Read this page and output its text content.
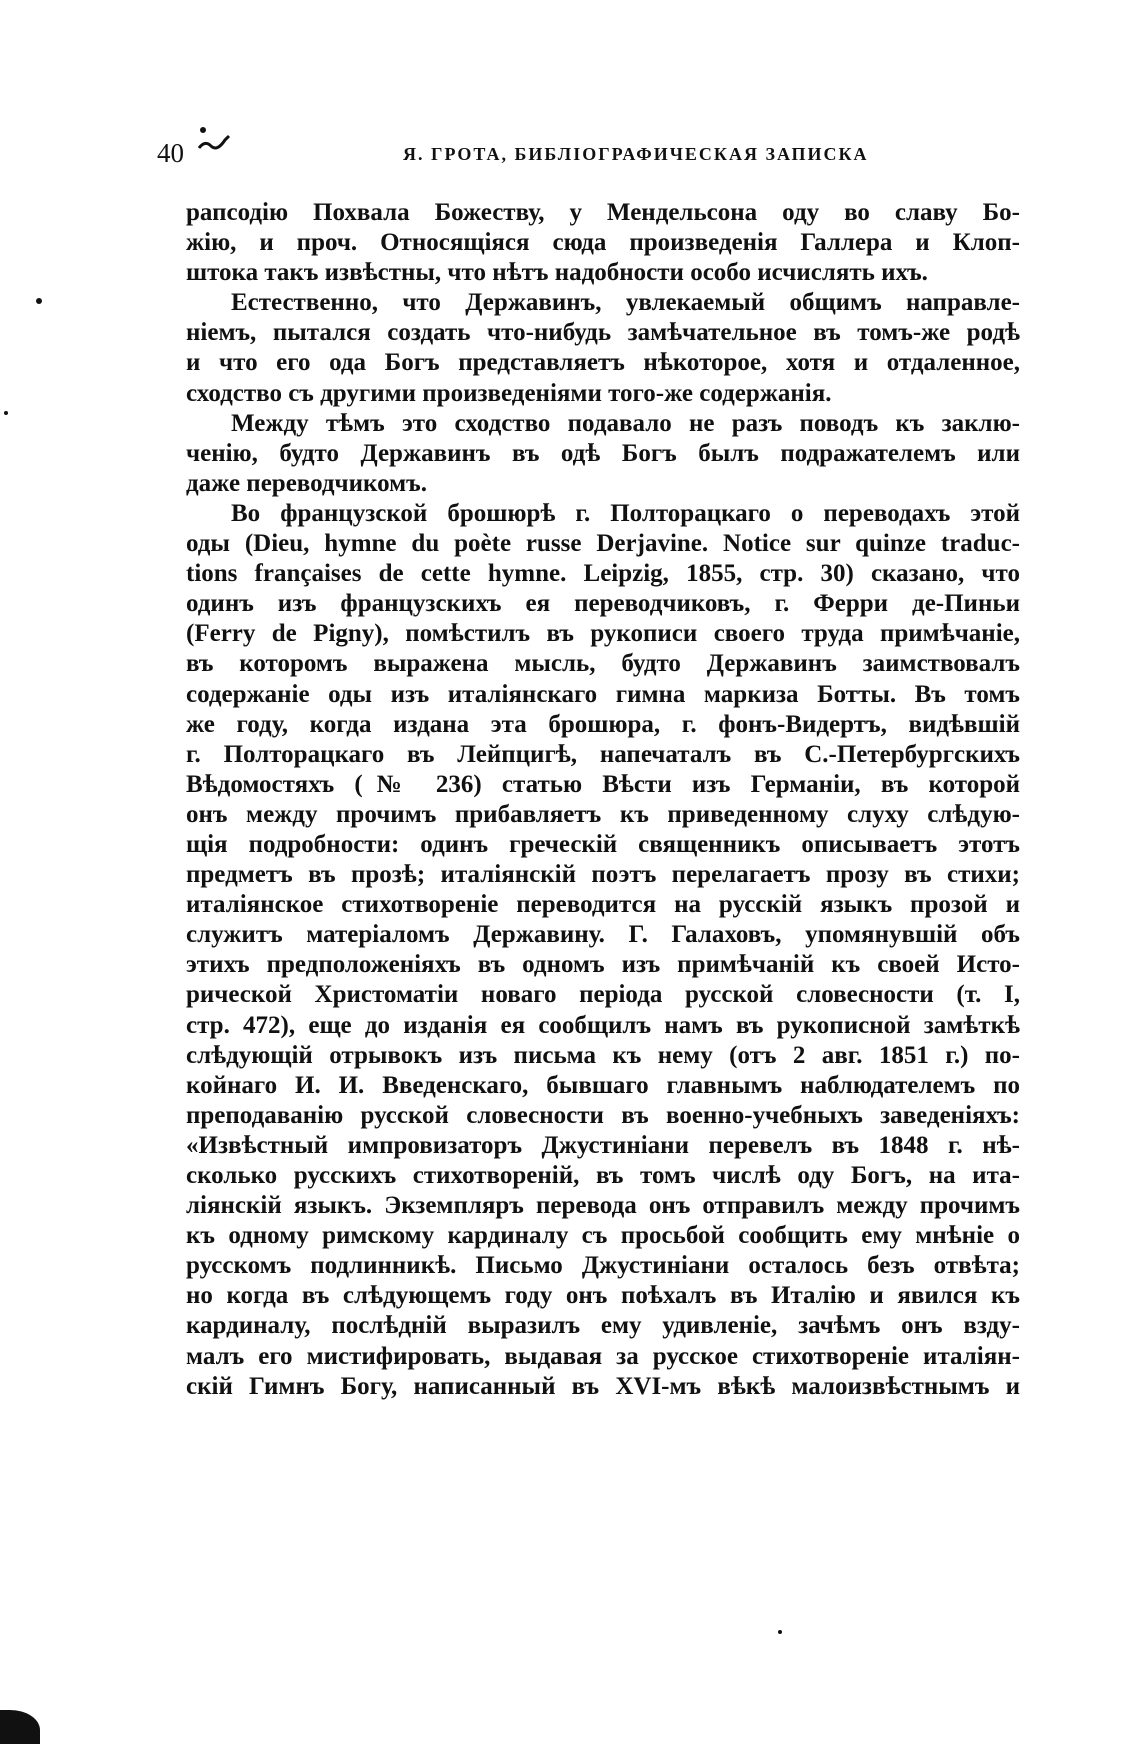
40	Я. ГРОТА, БИБЛІОГРАФИЧЕСКАЯ ЗАПИСКА
рапсодію Похвала Божеству, у Мендельсона оду во славу Бо-
жію, и проч. Относящіяся сюда произведенія Галлера и Клоп-
штока такъ извѣстны, что нѣтъ надобности особо исчислять ихъ.
Естественно, что Державинъ, увлекаемый общимъ направле-
ніемъ, пытался создать что-нибудь замѣчательное въ томъ-же родѣ
и что его ода Богъ представляетъ нѣкоторое, хотя и отдаленное,
сходство съ другими произведеніями того-же содержанія.
Между тѣмъ это сходство подавало не разъ поводъ къ заклю-
ченію, будто Державинъ въ одѣ Богъ былъ подражателемъ или
даже переводчикомъ.
Во французской брошюрѣ г. Полторацкаго о переводахъ этой
оды (Dieu, hymne du poète russe Derjavine. Notice sur quinze traduc-
tions françaises de cette hymne. Leipzig, 1855, стр. 30) сказано, что
одинъ изъ французскихъ ея переводчиковъ, г. Ферри де-Пиньи
(Ferry de Pigny), помѣстилъ въ рукописи своего труда примѣчаніе,
въ которомъ выражена мысль, будто Державинъ заимствовалъ
содержаніе оды изъ италіянскаго гимна маркиза Ботты. Въ томъ
же году, когда издана эта брошюра, г. фонъ-Видертъ, видѣвшій
г. Полторацкаго въ Лейпцигѣ, напечаталъ въ С.-Петербургскихъ
Вѣдомостяхъ (№ 236) статью Вѣсти изъ Германіи, въ которой
онъ между прочимъ прибавляетъ къ приведенному слуху слѣдую-
щія подробности: одинъ греческій священникъ описываетъ этотъ
предметъ въ прозѣ; италіянскій поэтъ перелагаетъ прозу въ стихи;
италіянское стихотвореніе переводится на русскій языкъ прозой и
служитъ матеріаломъ Державину. Г. Галаховъ, упомянувшій объ
этихъ предположеніяхъ въ одномъ изъ примѣчаній къ своей Исто-
рической Христоматіи новаго періода русской словесности (т. I,
стр. 472), еще до изданія ея сообщилъ намъ въ рукописной замѣткѣ
слѣдующій отрывокъ изъ письма къ нему (отъ 2 авг. 1851 г.) по-
койнаго И. И. Введенскаго, бывшаго главнымъ наблюдателемъ по
преподаванію русской словесности въ военно-учебныхъ заведеніяхъ:
«Извѣстный импровизаторъ Джустиніани перевелъ въ 1848 г. нѣ-
сколько русскихъ стихотвореній, въ томъ числѣ оду Богъ, на ита-
ліянскій языкъ. Экземпляръ перевода онъ отправилъ между прочимъ
къ одному римскому кардиналу съ просьбой сообщить ему мнѣніе о
русскомъ подлинникѣ. Письмо Джустиніани осталось безъ отвѣта;
но когда въ слѣдующемъ году онъ поѣхалъ въ Италію и явился къ
кардиналу, послѣдній выразилъ ему удивленіе, зачѣмъ онъ взду-
малъ его мистифировать, выдавая за русское стихотвореніе италіян-
скій Гимнъ Богу, написанный въ XVI-мъ вѣкѣ малоизвѣстнымъ и
